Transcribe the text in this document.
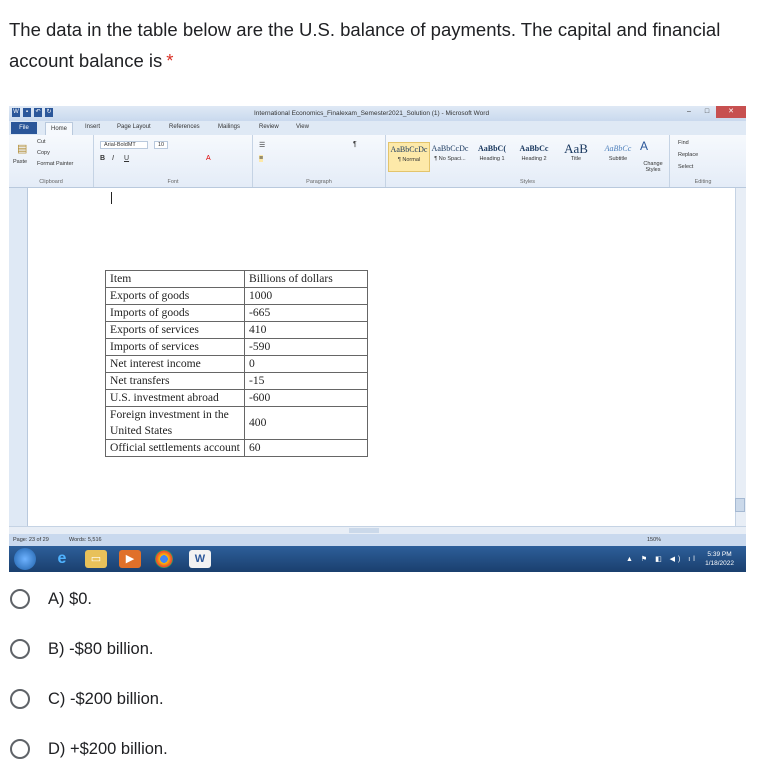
The data in the table below are the U.S. balance of payments. The capital and financial account balance is *
W	▪	↶ ↻	International Economics_Finalexam_Semester2021_Solution (1) - Microsoft Word	–	□	✕
File	Home	Insert	Page Layout	References	Mailings	Review	View
▤
Paste
Cut
Copy
Format Painter
Clipboard
Arial-BoldMT	10
B I U	A
Font
☰
≡
¶
Paragraph
AaBbCcDc
¶ Normal
AaBbCcDc
¶ No Spaci...
AaBbC(
Heading 1
AaBbCc
Heading 2
AaB
Title
AaBbCc
Subtitle
A
Change Styles
Styles
Find
Replace
Select
Editing
Item	Billions of dollars
Exports of goods	1000
Imports of goods	-665
Exports of services	410
Imports of services	-590
Net interest income	0
Net transfers	-15
U.S. investment abroad	-600
Foreign investment in the United States	400
Official settlements account	60
Page: 23 of 29	Words: 5,516	150%
e	▭	▶	W	▲ ⚑ ◧ ◀) ıl
5:39 PM
1/18/2022
A) $0.
B) -$80 billion.
C) -$200 billion.
D) +$200 billion.
